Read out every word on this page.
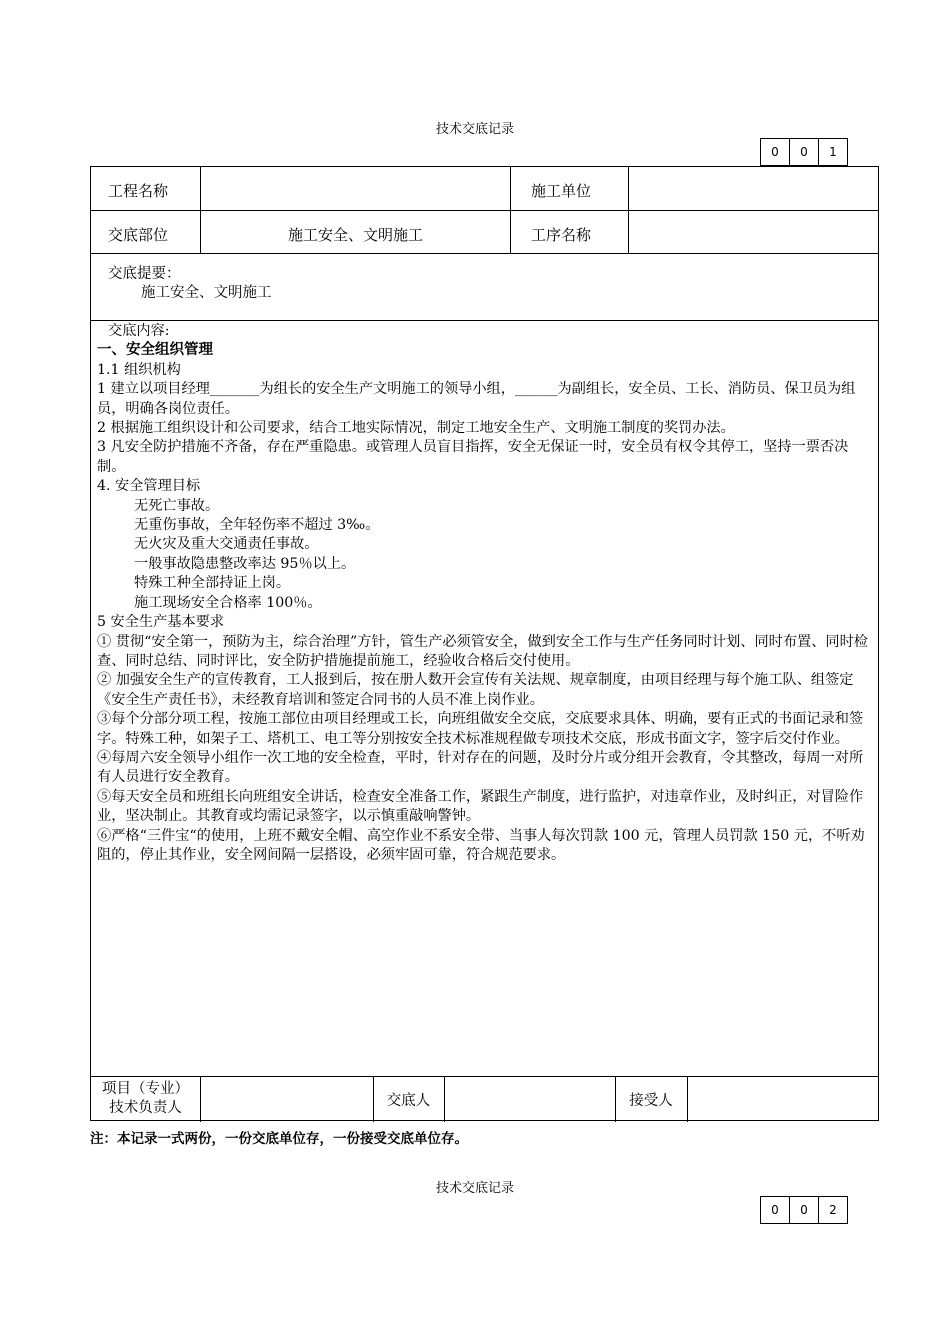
技术交底记录
0	0	1
工程名称	施工单位
交底部位	施工安全、文明施工	工序名称
交底提要：
施工安全、文明施工

交底内容:

一、安全组织管理

1.1 组织机构

1 建立以项目经理_______为组长的安全生产文明施工的领导小组，______为副组长，安全员、工长、消防员、保卫员为组员，明确各岗位责任。

2 根据施工组织设计和公司要求，结合工地实际情况，制定工地安全生产、文明施工制度的奖罚办法。

3 凡安全防护措施不齐备，存在严重隐患。或管理人员盲目指挥，安全无保证一时，安全员有权令其停工，坚持一票否决制。

4. 安全管理目标

无死亡事故。

无重伤事故，全年轻伤率不超过 3‰。

无火灾及重大交通责任事故。

一般事故隐患整改率达 95％以上。

特殊工种全部持证上岗。

施工现场安全合格率 100％。

5 安全生产基本要求

① 贯彻“安全第一，预防为主，综合治理”方针，管生产必须管安全，做到安全工作与生产任务同时计划、同时布置、同时检查、同时总结、同时评比，安全防护措施提前施工，经验收合格后交付使用。

② 加强安全生产的宣传教育，工人报到后，按在册人数开会宣传有关法规、规章制度，由项目经理与每个施工队、组签定《安全生产责任书》，未经教育培训和签定合同书的人员不准上岗作业。

③每个分部分项工程，按施工部位由项目经理或工长，向班组做安全交底，交底要求具体、明确，要有正式的书面记录和签字。特殊工种，如架子工、塔机工、电工等分别按安全技术标准规程做专项技术交底，形成书面文字，签字后交付作业。

④每周六安全领导小组作一次工地的安全检查，平时，针对存在的问题，及时分片或分组开会教育，令其整改，每周一对所有人员进行安全教育。

⑤每天安全员和班组长向班组安全讲话，检查安全准备工作，紧跟生产制度，进行监护，对违章作业，及时纠正，对冒险作业，坚决制止。其教育或均需记录签字，以示慎重敲响警钟。

⑥严格“三件宝“的使用，上班不戴安全帽、高空作业不系安全带、当事人每次罚款 100 元，管理人员罚款 150 元，不听劝阻的，停止其作业，安全网间隔一层搭设，必须牢固可靠，符合规范要求。

项目（专业）
技术负责人	交底人	接受人
注：本记录一式两份，一份交底单位存，一份接受交底单位存。
技术交底记录
0	0	2
